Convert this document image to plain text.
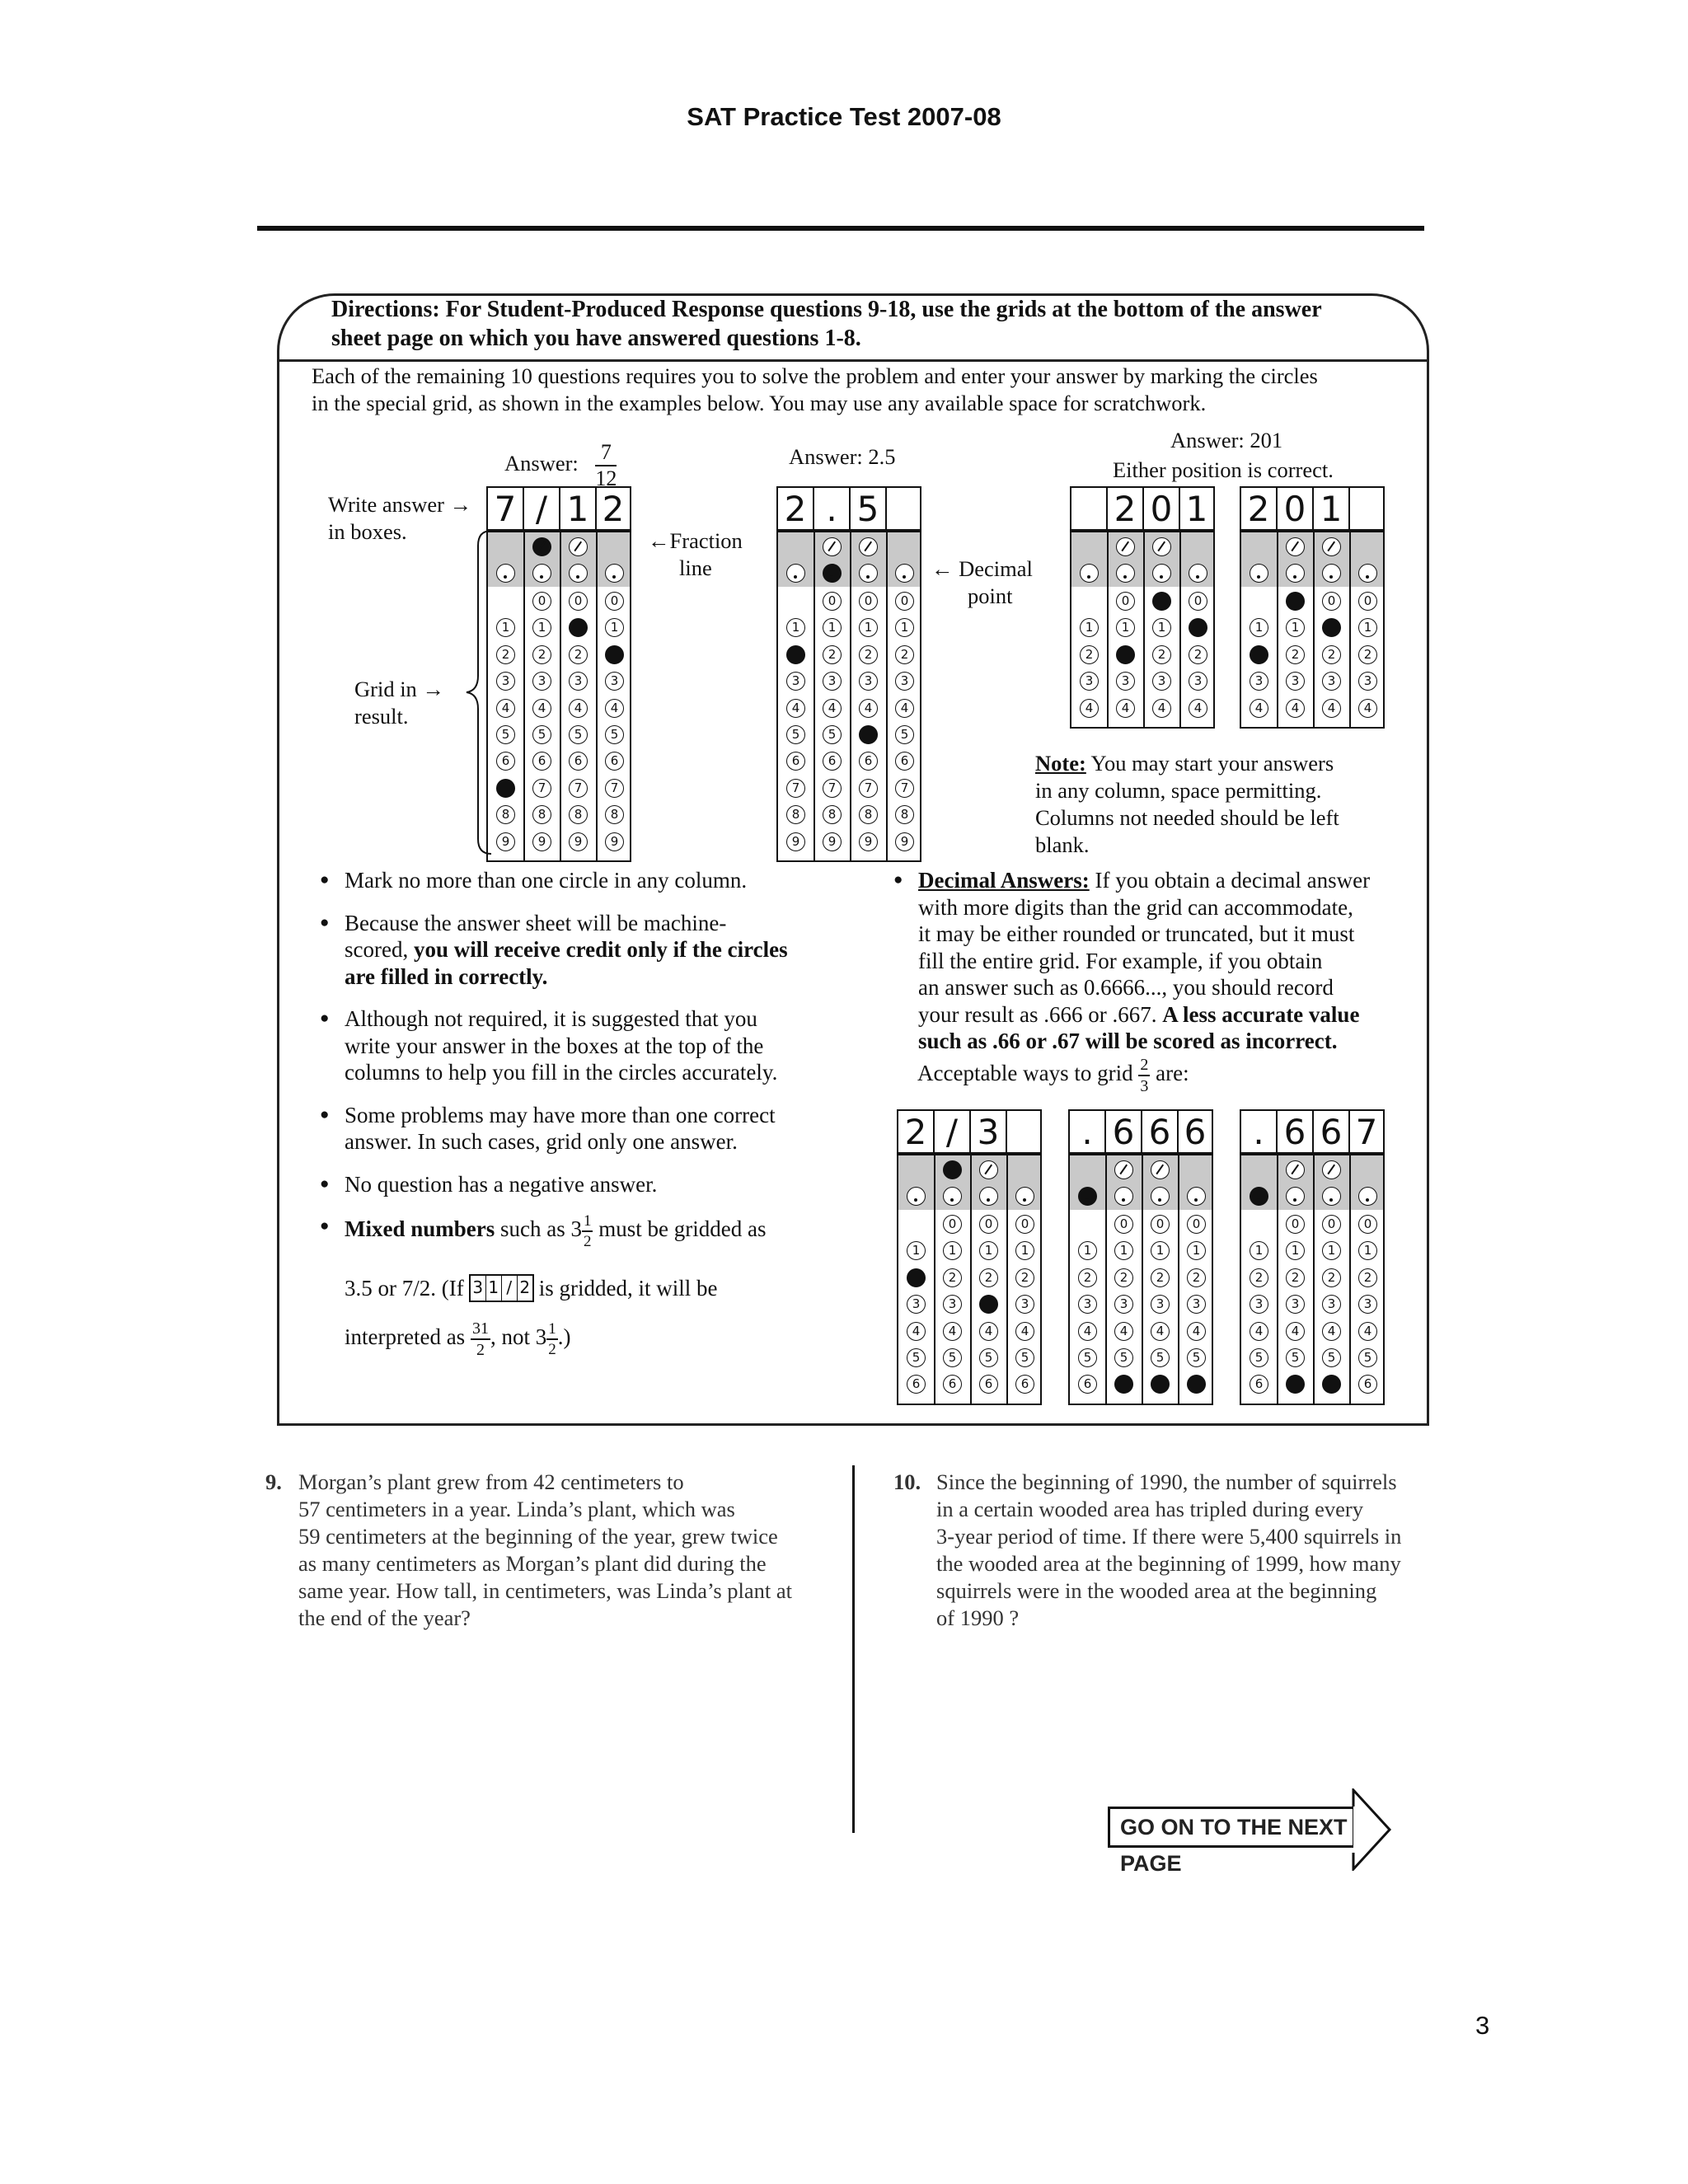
SAT Practice Test 2007-08
Directions: For Student-Produced Response questions 9-18, use the grids at the bottom of the answer
sheet page on which you have answered questions 1-8.
Each of the remaining 10 questions requires you to solve the problem and enter your answer by marking the circles
in the special grid, as shown in the examples below. You may use any available space for scratchwork.
Answer: $\frac{7}{12}$	Answer: 2.5
Answer: 201
Either position is correct.
Write answer →
in boxes.
Grid in →
result.
←Fraction
line	← Decimal
point
7 / 1 2
1
2
3
4
5
6
8
9
0
1
2
3
4
5
6
7
8
9
0
2
3
4
5
6
7
8
9
0
1
3
4
5
6
7
8
9
2 . 5
1
3
4
5
6
7
8
9
0
1
2
3
4
5
6
7
8
9
0
1
2
3
4
6
7
8
9
0
1
2
3
4
5
6
7
8
9
2 0 1
1
2
3
4
0
1
3
4
1
2
3
4
0
2
3
4
2 0 1
1
3
4
1
2
3
4
0
2
3
4
0
1
2
3
4
2 / 3
1
3
4
5
6
0
1
2
3
4
5
6
0
1
2
4
5
6
0
1
2
3
4
5
6
. 6 6 6
1
2
3
4
5
6
0
1
2
3
4
5
0
1
2
3
4
5
0
1
2
3
4
5
. 6 6 7
1
2
3
4
5
6
0
1
2
3
4
5
0
1
2
3
4
5
0
1
2
3
4
5
6
Note: You may start your answers
in any column, space permitting.
Columns not needed should be left
blank.
● Mark no more than one circle in any column.
● Because the answer sheet will be machine-
scored, you will receive credit only if the circles
are filled in correctly.
● Although not required, it is suggested that you
write your answer in the boxes at the top of the
columns to help you fill in the circles accurately.
● Some problems may have more than one correct
answer. In such cases, grid only one answer.
● No question has a negative answer.
● Mixed numbers such as $3 \frac{1}{2}$ must be gridded as
3.5 or 7/2. (If 3 1 / 2 is gridded, it will be
interpreted as $\frac{31}{2}$ , not $3 \frac{1}{2}$ .)
● Decimal Answers: If you obtain a decimal answer
with more digits than the grid can accommodate,
it may be either rounded or truncated, but it must
fill the entire grid. For example, if you obtain
an answer such as 0.6666..., you should record
your result as .666 or .667. A less accurate value
such as .66 or .67 will be scored as incorrect.
Acceptable ways to grid $\frac{2}{3}$ are:
9. Morgan’s plant grew from 42 centimeters to
57 centimeters in a year. Linda’s plant, which was
59 centimeters at the beginning of the year, grew twice
as many centimeters as Morgan’s plant did during the
same year. How tall, in centimeters, was Linda’s plant at
the end of the year?
10. Since the beginning of 1990, the number of squirrels
in a certain wooded area has tripled during every
3-year period of time. If there were 5,400 squirrels in
the wooded area at the beginning of 1999, how many
squirrels were in the wooded area at the beginning
of 1990 ?
GO ON TO THE NEXT PAGE
3
